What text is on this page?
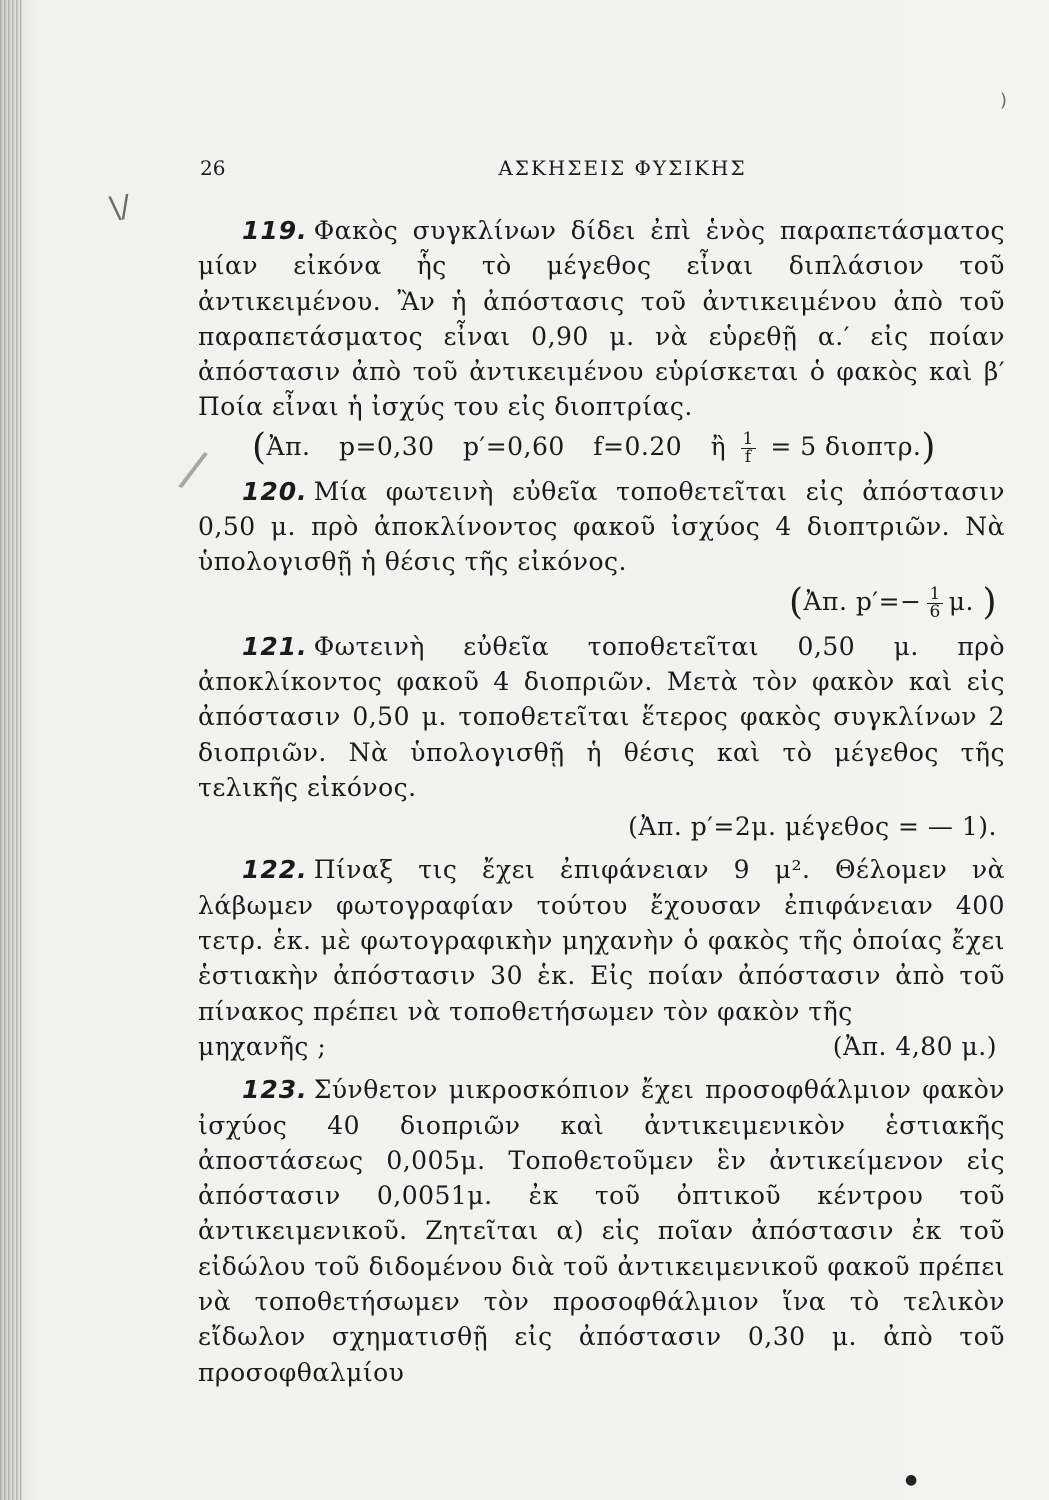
\/
/
)
●
26	ΑΣΚΗΣΕΙΣ ΦΥΣΙΚΗΣ

119. Φακὸς συγκλίνων δίδει ἐπὶ ἑνὸς παραπετάσματος μίαν εἰκόνα ἧς τὸ μέγεθος εἶναι διπλάσιον τοῦ ἀντικειμένου. Ἂν ἡ ἀπόστασις τοῦ ἀντικειμένου ἀπὸ τοῦ παραπετάσματος εἶναι 0,90 μ. νὰ εὑρεθῇ α.′ εἰς ποίαν ἀπόστασιν ἀπὸ τοῦ ἀντικειμένου εὑρίσκεται ὁ φακὸς καὶ β′ Ποία εἶναι ἡ ἰσχύς του εἰς διοπτρίας.

(Ἀπ. p=0,30 p′=0,60 f=0.20 ἢ $\frac{1}{f} = 5$ διοπτρ.)

120. Μία φωτεινὴ εὐθεῖα τοποθετεῖται εἰς ἀπόστασιν 0,50 μ. πρὸ ἀποκλίνοντος φακοῦ ἰσχύος 4 διοπτριῶν. Νὰ ὑπολογισθῇ ἡ θέσις τῆς εἰκόνος.

(Ἀπ. $p'=- \frac{1}{6} \mu$. )

121. Φωτεινὴ εὐθεῖα τοποθετεῖται 0,50 μ. πρὸ ἀποκλίκοντος φακοῦ 4 διοπριῶν. Μετὰ τὸν φακὸν καὶ εἰς ἀπόστασιν 0,50 μ. τοποθετεῖται ἕτερος φακὸς συγκλίνων 2 διοπριῶν. Νὰ ὑπολογισθῇ ἡ θέσις καὶ τὸ μέγεθος τῆς τελικῆς εἰκόνος.

(Ἀπ. p′=2μ. μέγεθος = — 1).

122. Πίναξ τις ἔχει ἐπιφάνειαν 9 μ². Θέλομεν νὰ λάβωμεν φωτογραφίαν τούτου ἔχουσαν ἐπιφάνειαν 400 τετρ. ἑκ. μὲ φωτογραφικὴν μηχανὴν ὁ φακὸς τῆς ὁποίας ἔχει ἑστιακὴν ἀπόστασιν 30 ἑκ. Εἰς ποίαν ἀπόστασιν ἀπὸ τοῦ πίνακος πρέπει νὰ τοποθετήσωμεν τὸν φακὸν τῆς

μηχανῆς ;	(Ἀπ. 4,80 μ.)

123. Σύνθετον μικροσκόπιον ἔχει προσοφθάλμιον φακὸν ἰσχύος 40 διοπριῶν καὶ ἀντικειμενικὸν ἑστιακῆς ἀποστάσεως 0,005μ. Τοποθετοῦμεν ἓν ἀντικείμενον εἰς ἀπόστασιν 0,0051μ. ἐκ τοῦ ὀπτικοῦ κέντρου τοῦ ἀντικειμενικοῦ. Ζητεῖται α) εἰς ποῖαν ἀπόστασιν ἐκ τοῦ εἰδώλου τοῦ διδομένου διὰ τοῦ ἀντικειμενικοῦ φακοῦ πρέπει νὰ τοποθετήσωμεν τὸν προσοφθάλμιον ἵνα τὸ τελικὸν εἴδωλον σχηματισθῇ εἰς ἀπόστασιν 0,30 μ. ἀπὸ τοῦ προσοφθαλμίου
